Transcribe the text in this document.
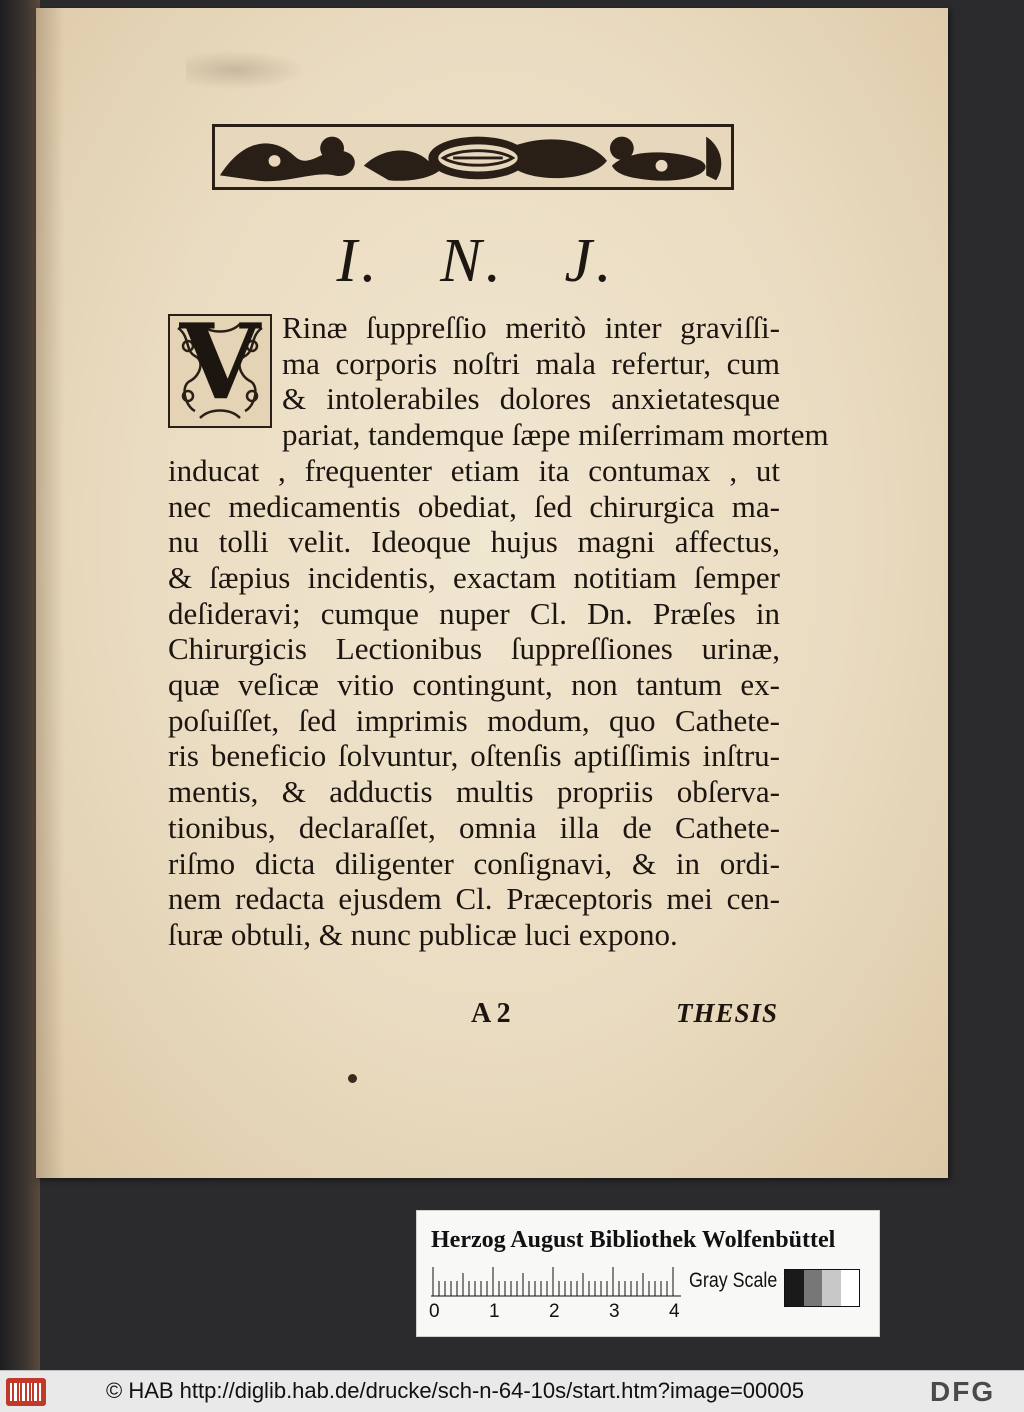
I. N. J.
V Rinæ ſuppreſſio meritò inter graviſſi-
ma corporis noſtri mala refertur, cum
& intolerabiles dolores anxietatesque
pariat, tandemque ſæpe miſerrimam mortem
inducat , frequenter etiam ita contumax , ut
nec medicamentis obediat, ſed chirurgica ma-
nu tolli velit. Ideoque hujus magni affectus,
& ſæpius incidentis, exactam notitiam ſemper
deſideravi; cumque nuper Cl. Dn. Præſes in
Chirurgicis Lectionibus ſuppreſſiones urinæ,
quæ veſicæ vitio contingunt, non tantum ex-
poſuiſſet, ſed imprimis modum, quo Cathete-
ris beneficio ſolvuntur, oſtenſis aptiſſimis inſtru-
mentis, & adductis multis propriis obſerva-
tionibus, declaraſſet, omnia illa de Cathete-
riſmo dicta diligenter conſignavi, & in ordi-
nem redacta ejusdem Cl. Præceptoris mei cen-
ſuræ obtuli, & nunc publicæ luci expono.
A 2	THESIS
Herzog August Bibliothek Wolfenbüttel
0	1	2	3	4
Gray Scale
© HAB http://diglib.hab.de/drucke/sch-n-64-10s/start.htm?image=00005	DFG
